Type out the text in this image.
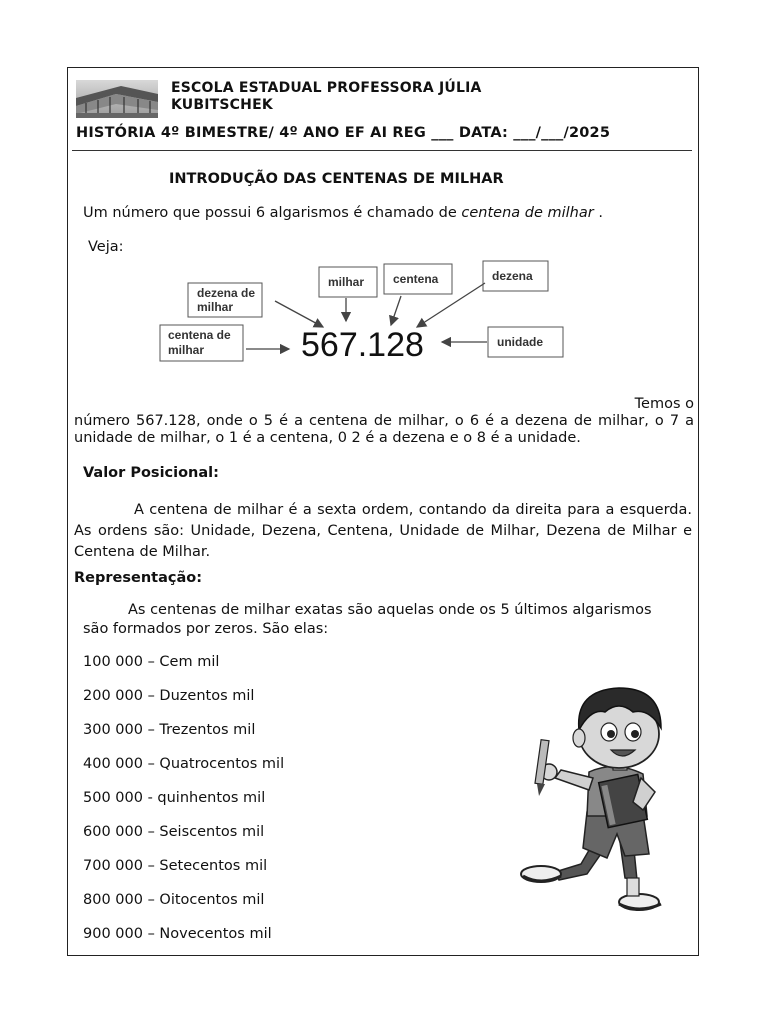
ESCOLA ESTADUAL PROFESSORA JÚLIA
KUBITSCHEK
HISTÓRIA 4º BIMESTRE/ 4º ANO EF AI REG ___ DATA: ___/___/2025
INTRODUÇÃO DAS CENTENAS DE MILHAR
Um número que possui 6 algarismos é chamado de centena de milhar .
Veja:
dezena de
milhar
centena de
milhar
milhar centena	dezena
unidade
567.128
Temos o
número 567.128, onde o 5 é a centena de milhar, o 6 é a dezena de milhar, o 7 a unidade de milhar, o 1 é a centena, 0 2 é a dezena e o 8 é a unidade.
Valor Posicional:
A centena de milhar é a sexta ordem, contando da direita para a esquerda. As ordens são: Unidade, Dezena, Centena, Unidade de Milhar, Dezena de Milhar e Centena de Milhar.
Representação:
As centenas de milhar exatas são aquelas onde os 5 últimos algarismos
são formados por zeros. São elas:
100 000 – Cem mil
200 000 – Duzentos mil
300 000 – Trezentos mil
400 000 – Quatrocentos mil
500 000 - quinhentos mil
600 000 – Seiscentos mil
700 000 – Setecentos mil
800 000 – Oitocentos mil
900 000 – Novecentos mil
